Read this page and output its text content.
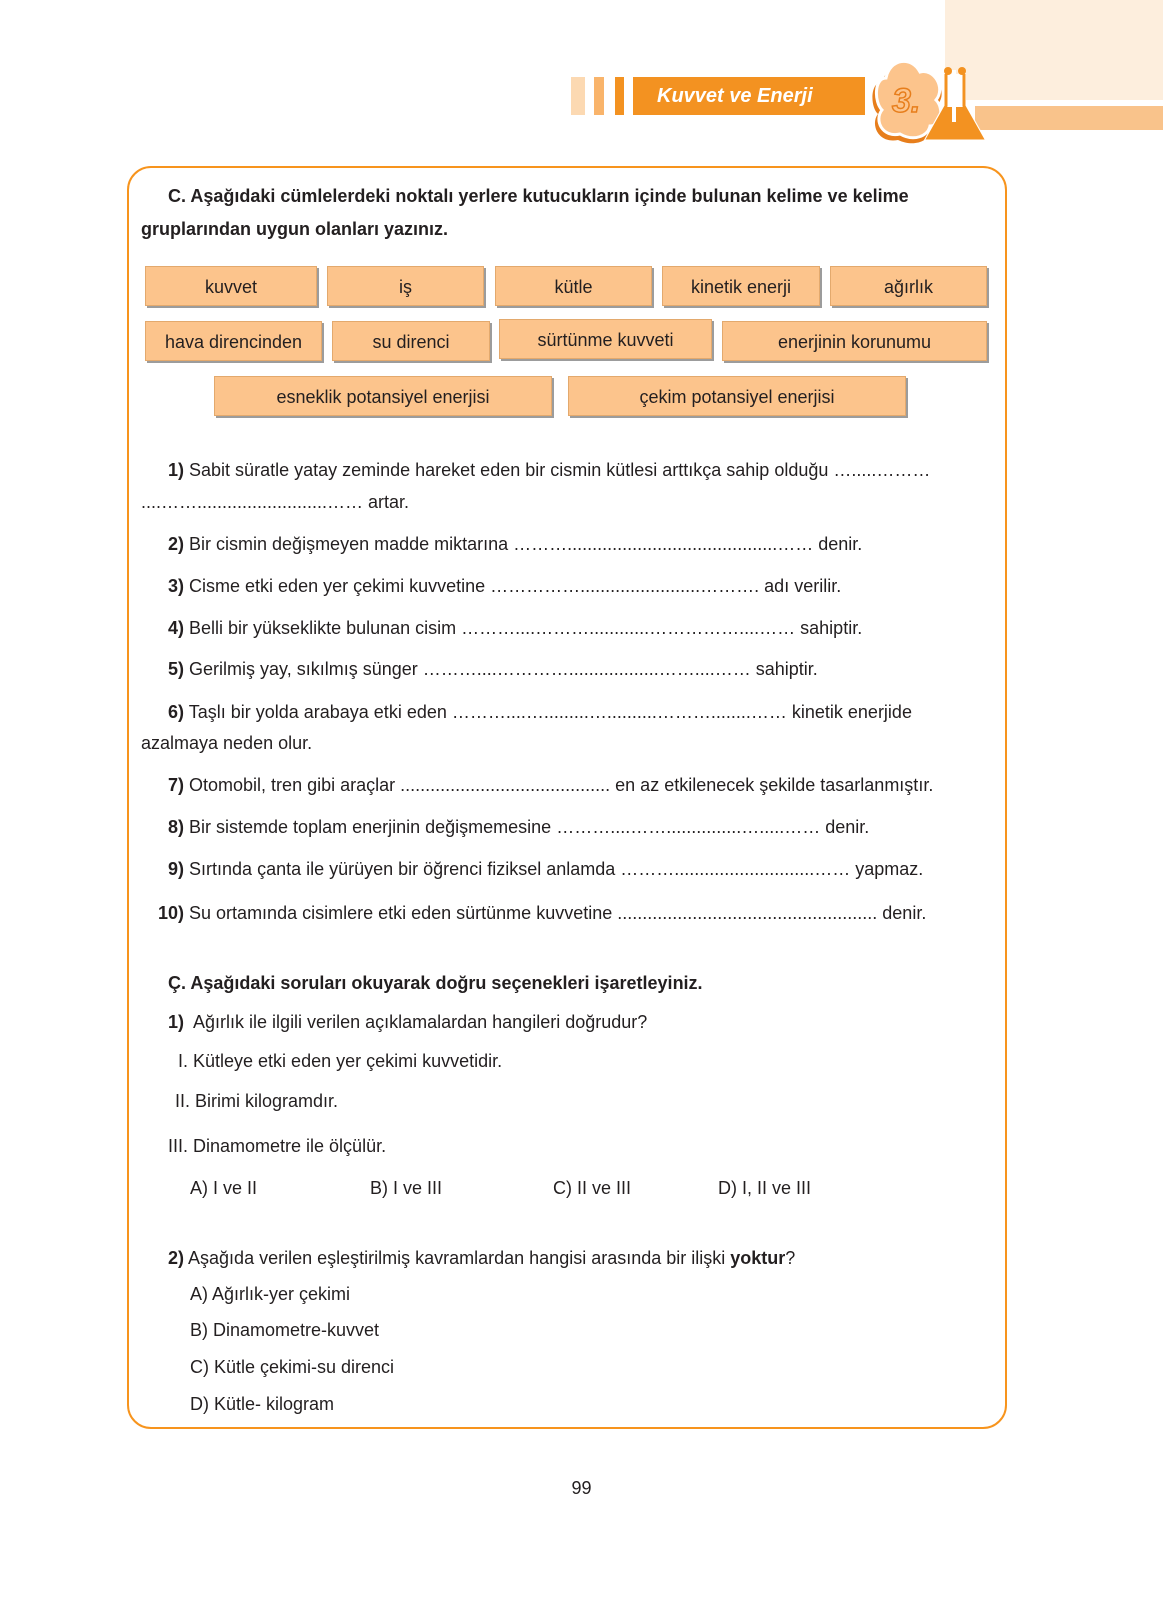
Kuvvet ve Enerji	3.
C. Aşağıdaki cümlelerdeki noktalı yerlere kutucukların içinde bulunan kelime ve kelime
gruplarından uygun olanları yazınız.
kuvvet	iş	kütle	kinetik enerji	ağırlık
hava direncinden	su direnci	sürtünme kuvveti	enerjinin korunumu
esneklik potansiyel enerjisi	çekim potansiyel enerjisi
1) Sabit süratle yatay zeminde hareket eden bir cismin kütlesi arttıkça sahip olduğu ….....………
....……..........................…… artar.
2) Bir cismin değişmeyen madde miktarına ………..........................................…… denir.
3) Cisme etki eden yer çekimi kuvvetine ……………........................………. adı verilir.
4) Belli bir yükseklikte bulunan cisim ………....………............……………....…… sahiptir.
5) Gerilmiş yay, sıkılmış sünger ………....…………..................……....…… sahiptir.
6) Taşlı bir yolda arabaya etki eden ………....….........…..........………........…… kinetik enerjide
azalmaya neden olur.
7) Otomobil, tren gibi araçlar .......................................... en az etkilenecek şekilde tasarlanmıştır.
8) Bir sistemde toplam enerjinin değişmemesine ………....……...............….....…… denir.
9) Sırtında çanta ile yürüyen bir öğrenci fiziksel anlamda ………............................…… yapmaz.
10) Su ortamında cisimlere etki eden sürtünme kuvvetine .................................................... denir.
Ç. Aşağıdaki soruları okuyarak doğru seçenekleri işaretleyiniz.
1) Ağırlık ile ilgili verilen açıklamalardan hangileri doğrudur?
I. Kütleye etki eden yer çekimi kuvvetidir.
II. Birimi kilogramdır.
III. Dinamometre ile ölçülür.
A) I ve II	B) I ve III	C) II ve III	D) I, II ve III
2) Aşağıda verilen eşleştirilmiş kavramlardan hangisi arasında bir ilişki yoktur?
A) Ağırlık-yer çekimi
B) Dinamometre-kuvvet
C) Kütle çekimi-su direnci
D) Kütle- kilogram
99
